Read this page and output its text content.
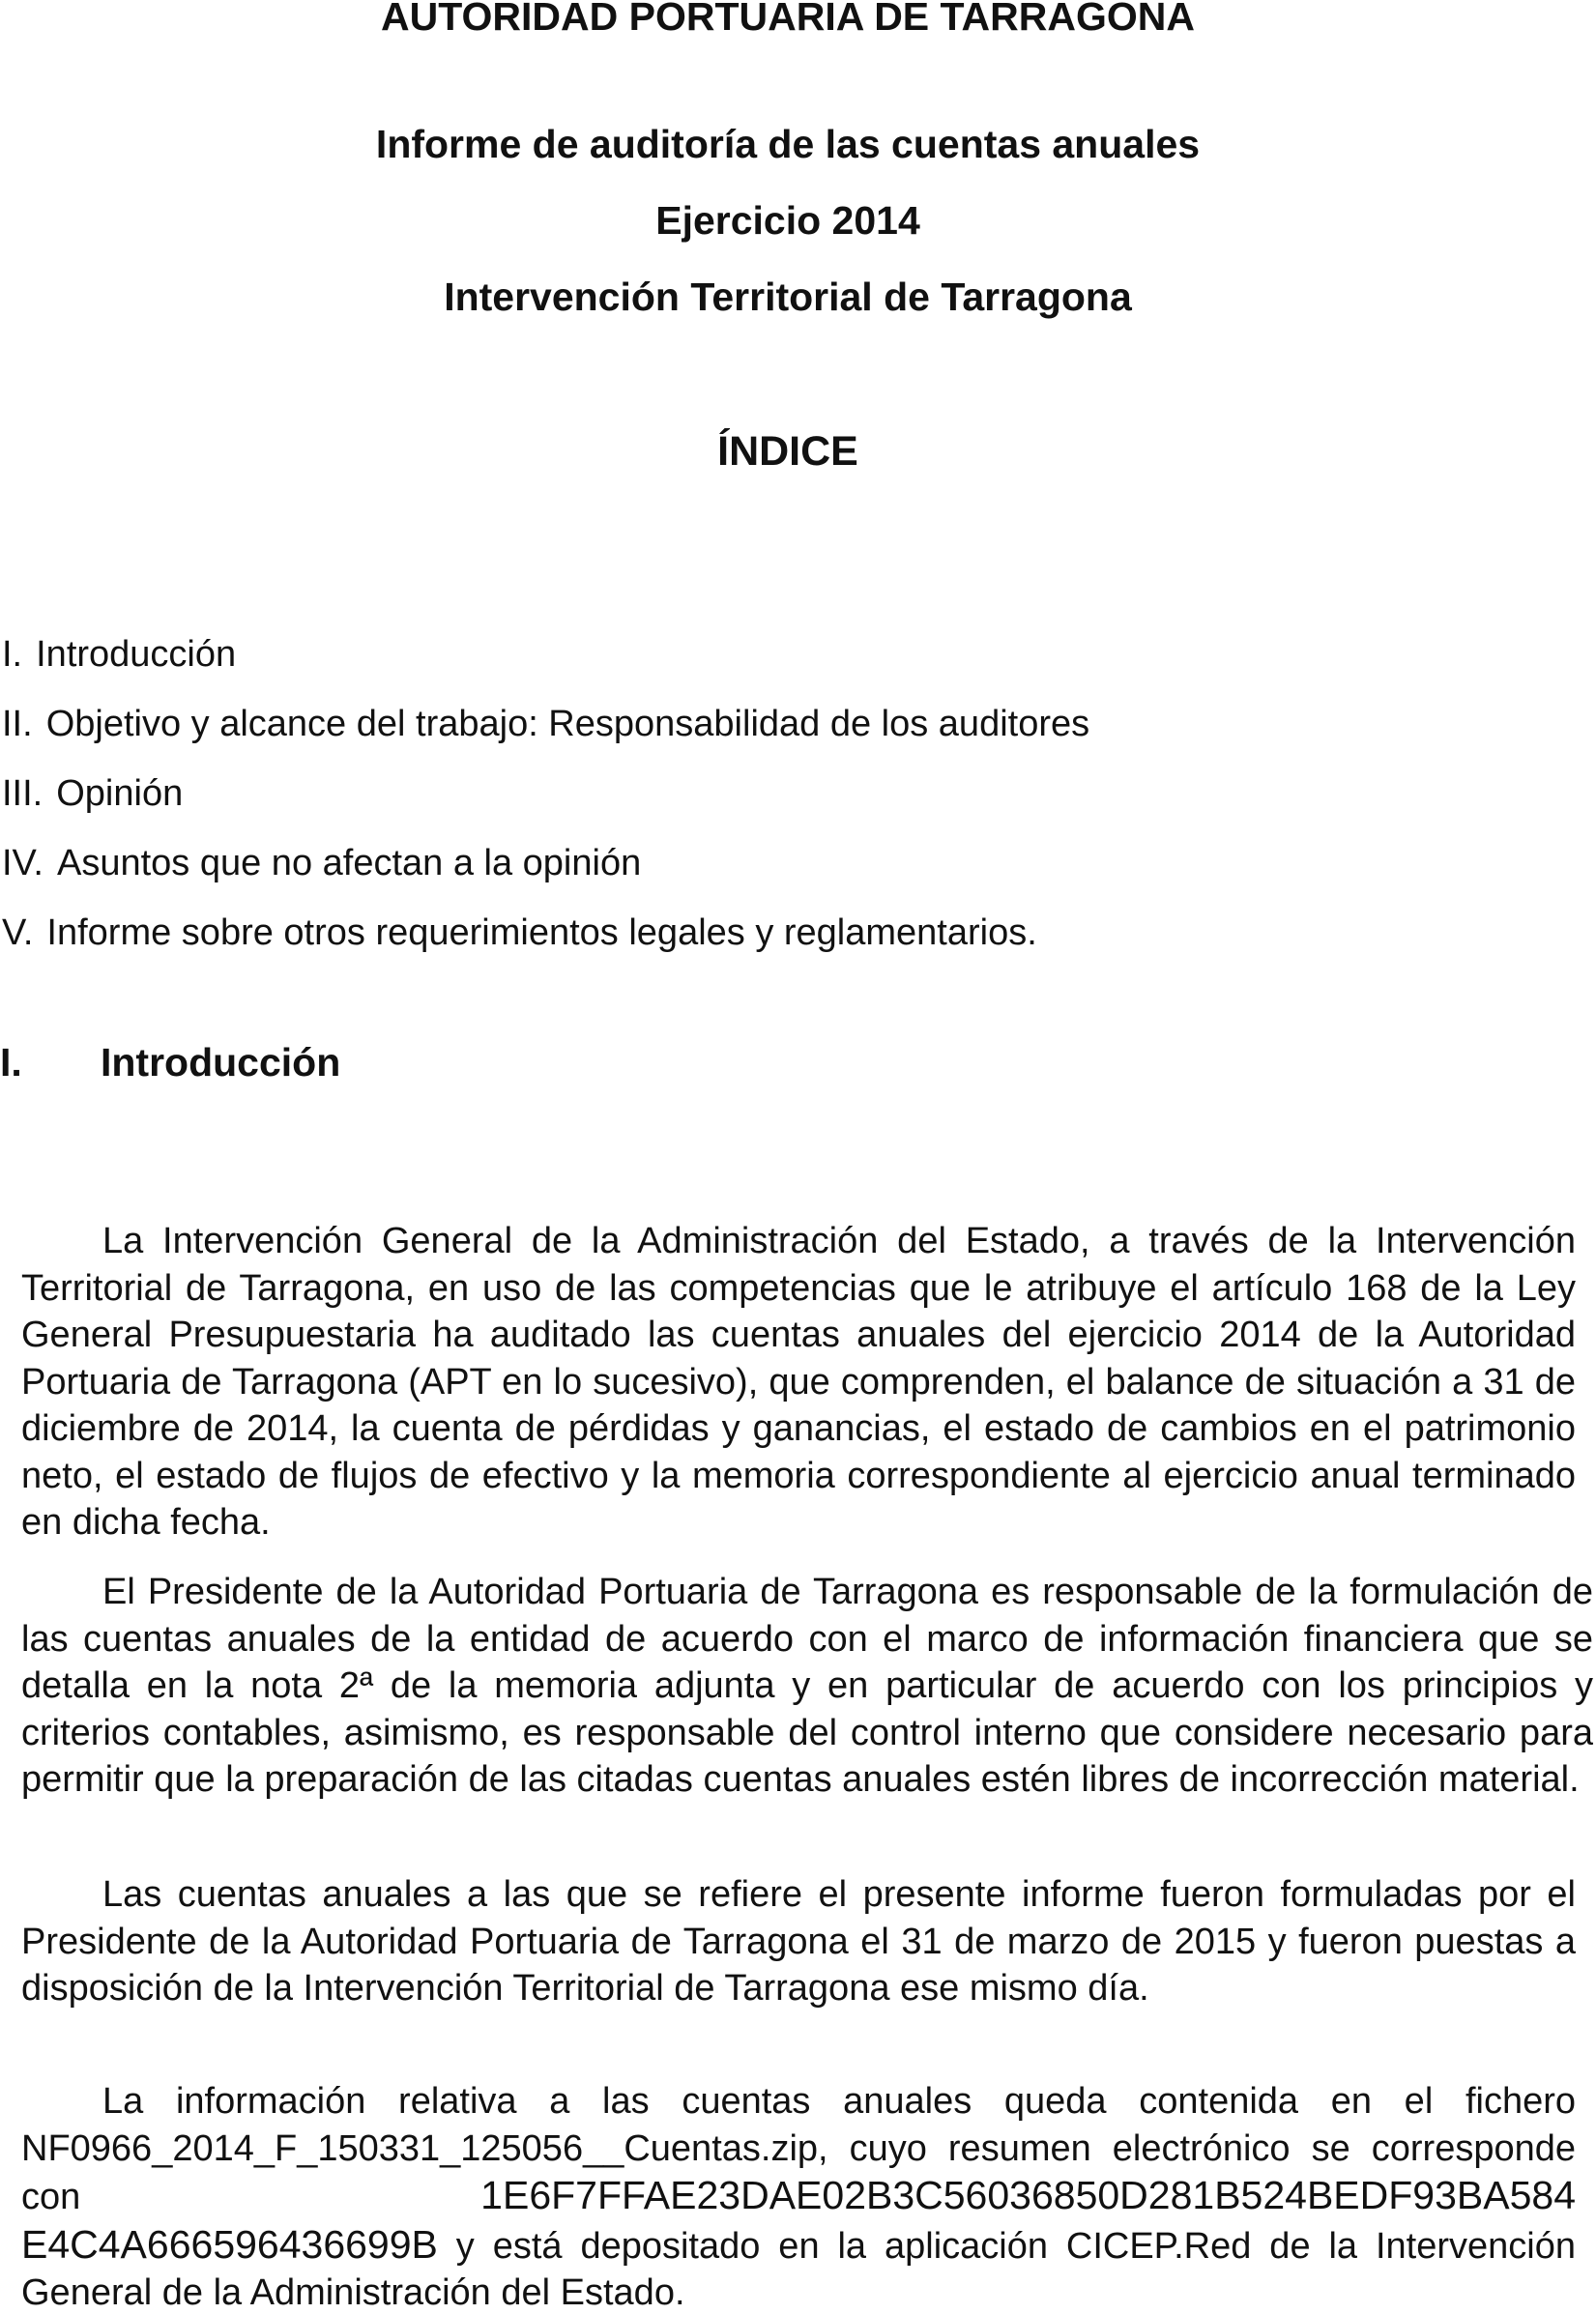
AUTORIDAD PORTUARIA DE TARRAGONA
Informe de auditoría de las cuentas anuales
Ejercicio 2014
Intervención Territorial de Tarragona
ÍNDICE
I. Introducción
II. Objetivo y alcance del trabajo: Responsabilidad de los auditores
III. Opinión
IV. Asuntos que no afectan a la opinión
V. Informe sobre otros requerimientos legales y reglamentarios.
I. Introducción

La Intervención General de la Administración del Estado, a través de la Intervención Territorial de Tarragona, en uso de las competencias que le atribuye el artículo 168 de la Ley General Presupuestaria ha auditado las cuentas anuales del ejercicio 2014 de la Autoridad Portuaria de Tarragona (APT en lo sucesivo), que comprenden, el balance de situación a 31 de diciembre de 2014, la cuenta de pérdidas y ganancias, el estado de cambios en el patrimonio neto, el estado de flujos de efectivo y la memoria correspondiente al ejercicio anual terminado en dicha fecha.

El Presidente de la Autoridad Portuaria de Tarragona es responsable de la formulación de las cuentas anuales de la entidad de acuerdo con el marco de información financiera que se detalla en la nota 2ª de la memoria adjunta y en particular de acuerdo con los principios y criterios contables, asimismo, es responsable del control interno que considere necesario para permitir que la preparación de las citadas cuentas anuales estén libres de incorrección material.

Las cuentas anuales a las que se refiere el presente informe fueron formuladas por el Presidente de la Autoridad Portuaria de Tarragona el 31 de marzo de 2015 y fueron puestas a disposición de la Intervención Territorial de Tarragona ese mismo día.

La información relativa a las cuentas anuales queda contenida en el fichero NF0966_2014_F_150331_125056__Cuentas.zip, cuyo resumen electrónico se corresponde con 1E6F7FFAE23DAE02B3C56036850D281B524BEDF93BA584 E4C4A666596436699B y está depositado en la aplicación CICEP.Red de la Intervención General de la Administración del Estado.
